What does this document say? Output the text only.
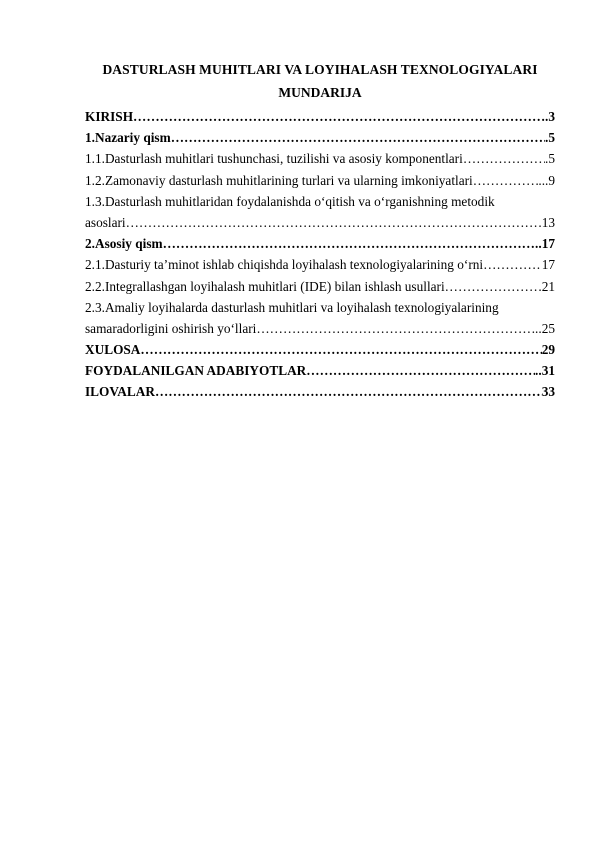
DASTURLASH MUHITLARI VA LOYIHALASH TEXNOLOGIYALARI
MUNDARIJA
KIRISH …………………………………………………………………………………………………………………………………………………………	.3
1.Nazariy qism …………………………………………………………………………………………………………………………………………………………	.5
1.1.Dasturlash muhitlari tushunchasi, tuzilishi va asosiy komponentlari …………………………………………………………………………………………………………………………………………………………	.5
1.2.Zamonaviy dasturlash muhitlarining turlari va ularning imkoniyatlari …………………………………………………………………………………………………………………………………………………………	...9
1.3.Dasturlash muhitlaridan foydalanishda o‘qitish va o‘rganishning metodik
asoslari …………………………………………………………………………………………………………………………………………………………	.13
2.Asosiy qism …………………………………………………………………………………………………………………………………………………………	..17
2.1.Dasturiy ta’minot ishlab chiqishda loyihalash texnologiyalarining o‘rni …………………………………………………………………………………………………………………………………………………………	17
2.2.Integrallashgan loyihalash muhitlari (IDE) bilan ishlash usullari …………………………………………………………………………………………………………………………………………………………	.21
2.3.Amaliy loyihalarda dasturlash muhitlari va loyihalash texnologiyalarining
samaradorligini oshirish yo‘llari …………………………………………………………………………………………………………………………………………………………	..25
XULOSA …………………………………………………………………………………………………………………………………………………………	29
FOYDALANILGAN ADABIYOTLAR …………………………………………………………………………………………………………………………………………………………	..31
ILOVALAR …………………………………………………………………………………………………………………………………………………………	33
